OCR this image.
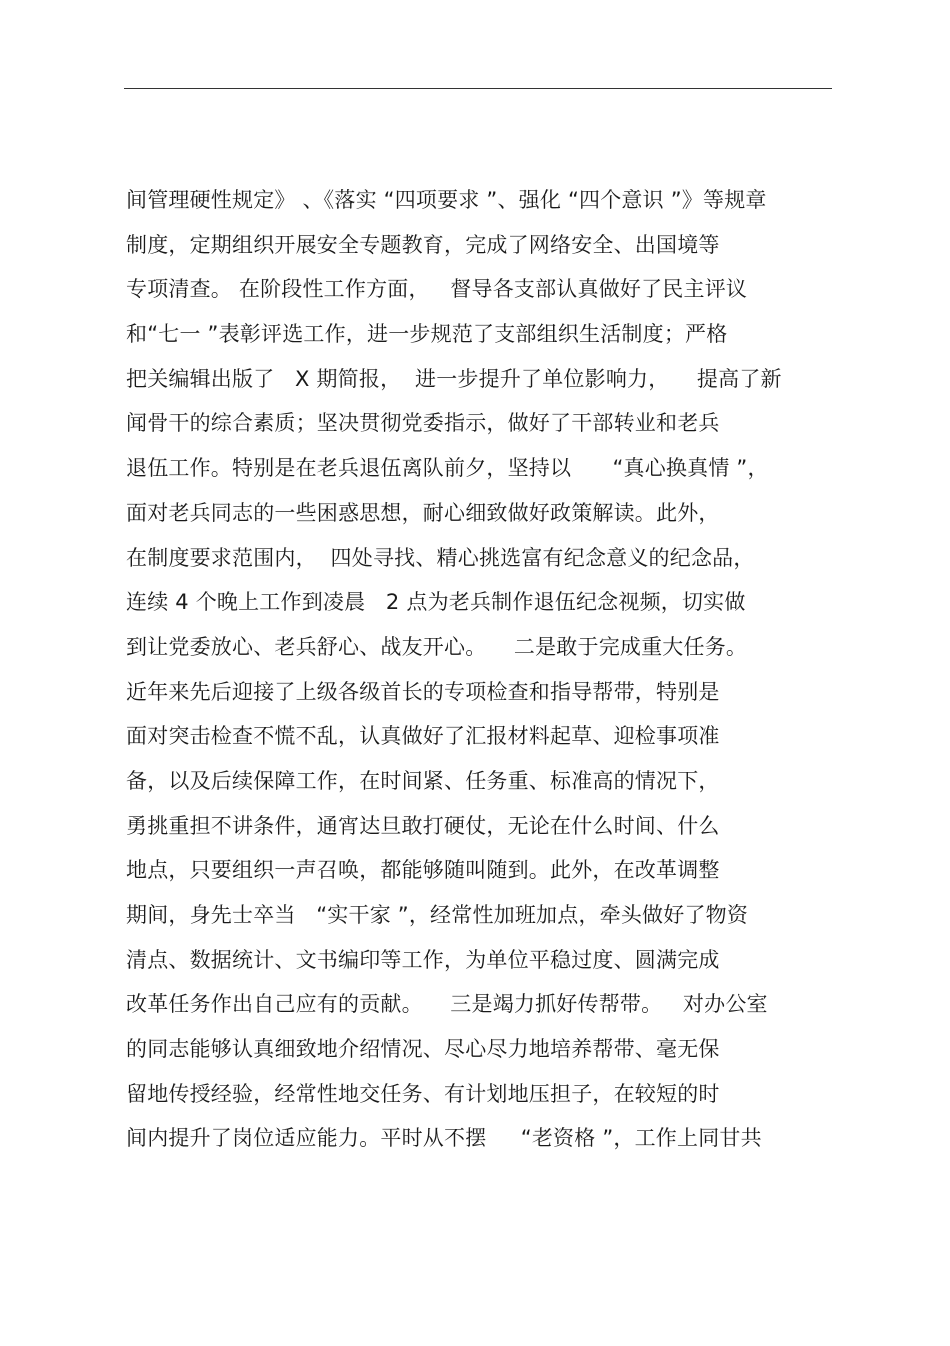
间管理硬性规定》 、《落实 “四项要求 ”、强化 “四个意识 ”》等规章
制度，定期组织开展安全专题教育，完成了网络安全、出国境等
专项清查。 在阶段性工作方面，   督导各支部认真做好了民主评议
和“七一 ”表彰评选工作，进一步规范了支部组织生活制度；严格
把关编辑出版了   X 期简报，  进一步提升了单位影响力，    提高了新
闻骨干的综合素质；坚决贯彻党委指示，做好了干部转业和老兵
退伍工作。特别是在老兵退伍离队前夕，坚持以      “真心换真情 ”，
面对老兵同志的一些困惑思想，耐心细致做好政策解读。此外，
在制度要求范围内，  四处寻找、精心挑选富有纪念意义的纪念品，
连续 4 个晚上工作到凌晨   2 点为老兵制作退伍纪念视频，切实做
到让党委放心、老兵舒心、战友开心。    二是敢于完成重大任务。
近年来先后迎接了上级各级首长的专项检查和指导帮带，特别是
面对突击检查不慌不乱，认真做好了汇报材料起草、迎检事项准
备，以及后续保障工作，在时间紧、任务重、标准高的情况下，
勇挑重担不讲条件，通宵达旦敢打硬仗，无论在什么时间、什么
地点，只要组织一声召唤，都能够随叫随到。此外，在改革调整
期间，身先士卒当   “实干家 ”，经常性加班加点，牵头做好了物资
清点、数据统计、文书编印等工作，为单位平稳过度、圆满完成
改革任务作出自己应有的贡献。    三是竭力抓好传帮带。   对办公室
的同志能够认真细致地介绍情况、尽心尽力地培养帮带、毫无保
留地传授经验，经常性地交任务、有计划地压担子，在较短的时
间内提升了岗位适应能力。平时从不摆     “老资格 ”，工作上同甘共
